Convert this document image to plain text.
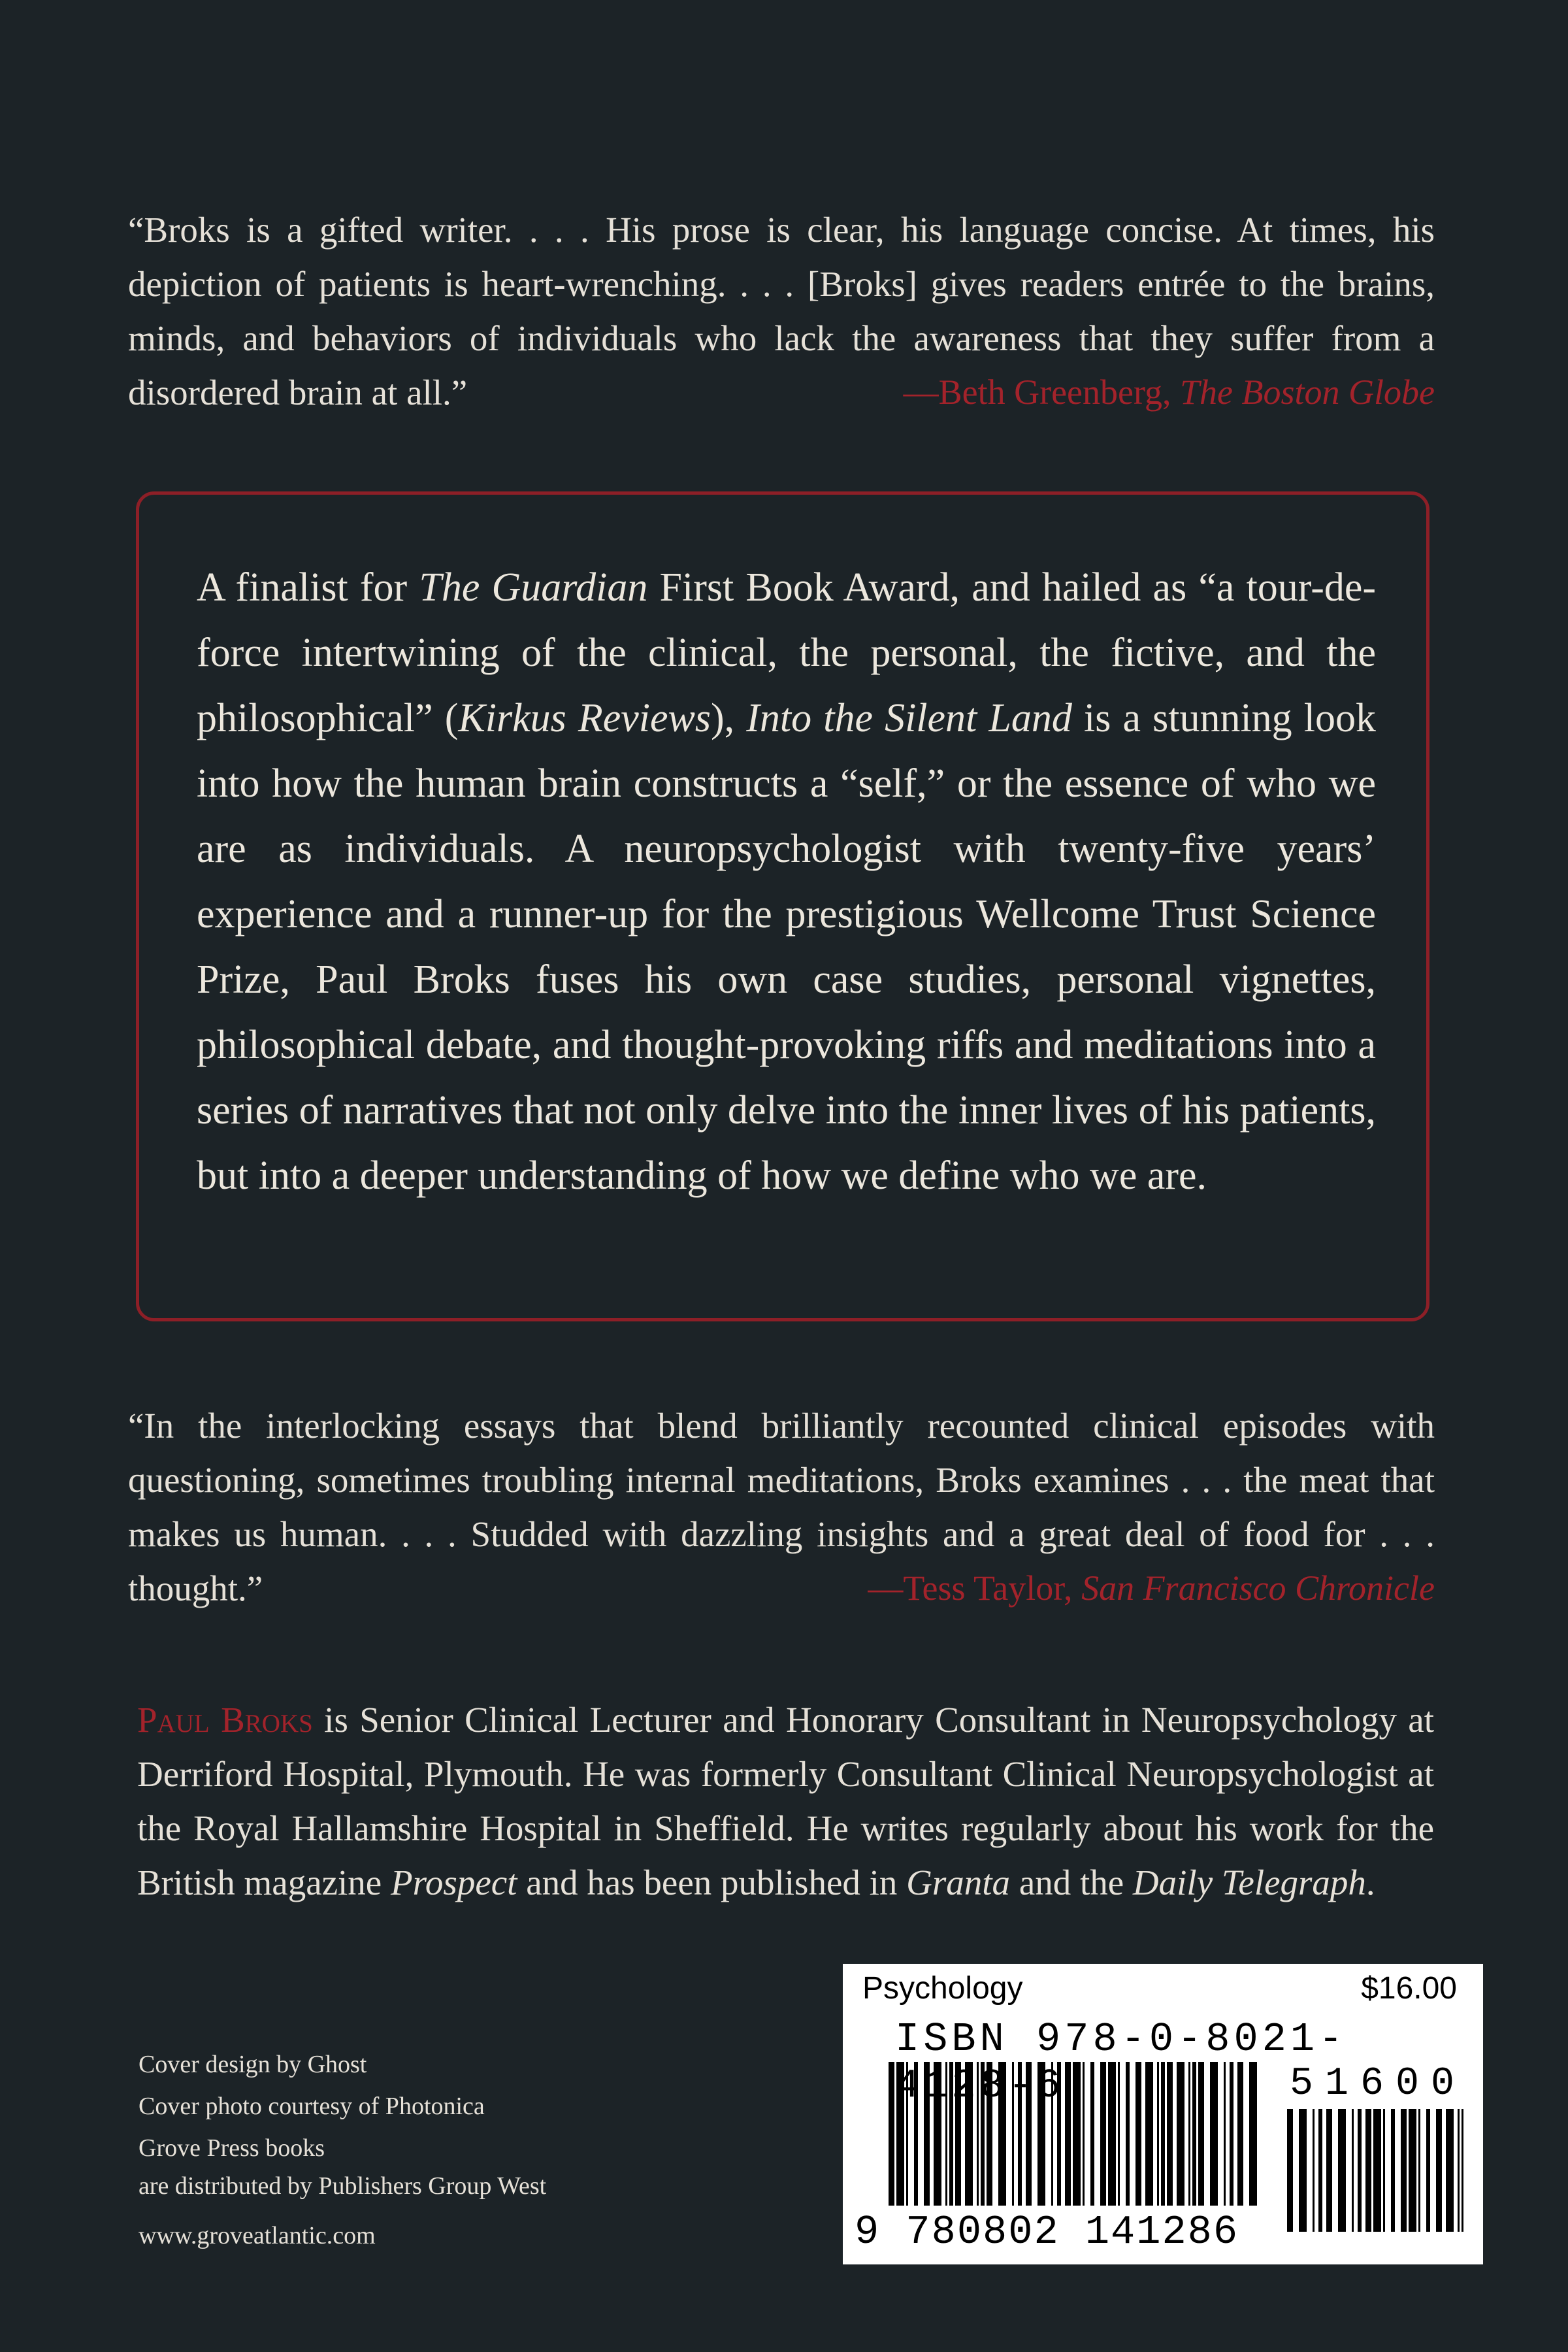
“Broks is a gifted writer. . . . His prose is clear, his language concise. At times, his depiction of patients is heart-wrenching. . . . [Broks] gives readers entrée to the brains, minds, and behaviors of individuals who lack the awareness that they suffer from a disordered brain at all.”	—Beth Greenberg, The Boston Globe
A finalist for The Guardian First Book Award, and hailed as “a tour-de-force intertwining of the clinical, the personal, the fictive, and the philosophical” (Kirkus Reviews), Into the Silent Land is a stunning look into how the human brain constructs a “self,” or the essence of who we are as individuals. A neuropsychologist with twenty-five years’ experience and a runner-up for the prestigious Wellcome Trust Science Prize, Paul Broks fuses his own case studies, personal vignettes, philosophical debate, and thought-provoking riffs and meditations into a series of narratives that not only delve into the inner lives of his patients, but into a deeper understanding of how we define who we are.

“In the interlocking essays that blend brilliantly recounted clinical episodes with questioning, sometimes troubling internal meditations, Broks examines . . . the meat that makes us human. . . . Studded with dazzling insights and a great deal of food for . . . thought.”	—Tess Taylor, San Francisco Chronicle
Paul Broks is Senior Clinical Lecturer and Honorary Consultant in Neuropsychology at Derriford Hospital, Plymouth. He was formerly Consultant Clinical Neuropsychologist at the Royal Hallamshire Hospital in Sheffield. He writes regularly about his work for the British magazine Prospect and has been published in Granta and the Daily Telegraph.
Cover design by Ghost
Cover photo courtesy of Photonica
Grove Press books
are distributed by Publishers Group West
www.groveatlantic.com
Psychology	$16.00
ISBN 978-0-8021-4128-6	51600
9 780802 141286
